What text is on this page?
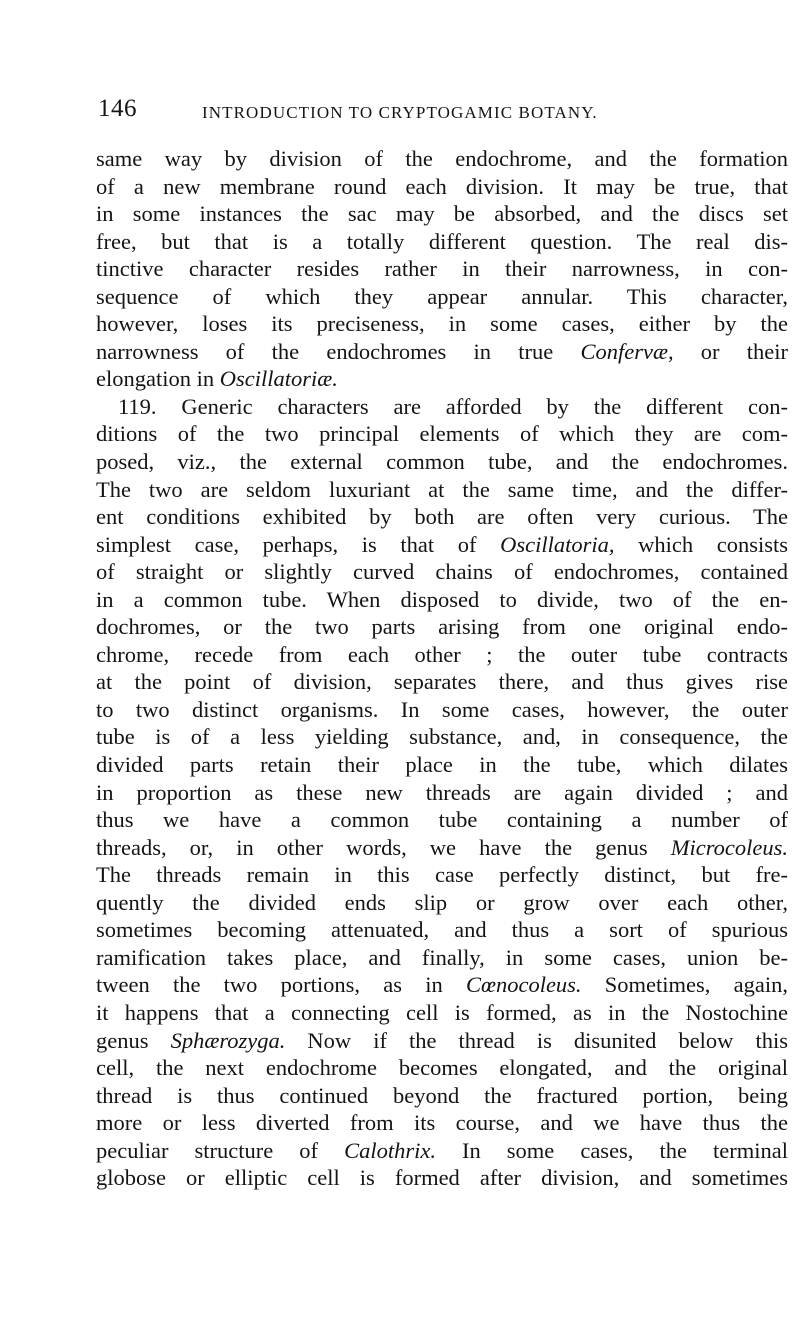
146	INTRODUCTION TO CRYPTOGAMIC BOTANY.
same way by division of the endochrome, and the formation
of a new membrane round each division. It may be true, that
in some instances the sac may be absorbed, and the discs set
free, but that is a totally different question. The real dis-
tinctive character resides rather in their narrowness, in con-
sequence of which they appear annular. This character,
however, loses its preciseness, in some cases, either by the
narrowness of the endochromes in true Confervæ, or their
elongation in Oscillatoriæ.
119. Generic characters are afforded by the different con-
ditions of the two principal elements of which they are com-
posed, viz., the external common tube, and the endochromes.
The two are seldom luxuriant at the same time, and the differ-
ent conditions exhibited by both are often very curious. The
simplest case, perhaps, is that of Oscillatoria, which consists
of straight or slightly curved chains of endochromes, contained
in a common tube. When disposed to divide, two of the en-
dochromes, or the two parts arising from one original endo-
chrome, recede from each other ; the outer tube contracts
at the point of division, separates there, and thus gives rise
to two distinct organisms. In some cases, however, the outer
tube is of a less yielding substance, and, in consequence, the
divided parts retain their place in the tube, which dilates
in proportion as these new threads are again divided ; and
thus we have a common tube containing a number of
threads, or, in other words, we have the genus Microcoleus.
The threads remain in this case perfectly distinct, but fre-
quently the divided ends slip or grow over each other,
sometimes becoming attenuated, and thus a sort of spurious
ramification takes place, and finally, in some cases, union be-
tween the two portions, as in Cœnocoleus. Sometimes, again,
it happens that a connecting cell is formed, as in the Nostochine
genus Sphærozyga. Now if the thread is disunited below this
cell, the next endochrome becomes elongated, and the original
thread is thus continued beyond the fractured portion, being
more or less diverted from its course, and we have thus the
peculiar structure of Calothrix. In some cases, the terminal
globose or elliptic cell is formed after division, and sometimes
